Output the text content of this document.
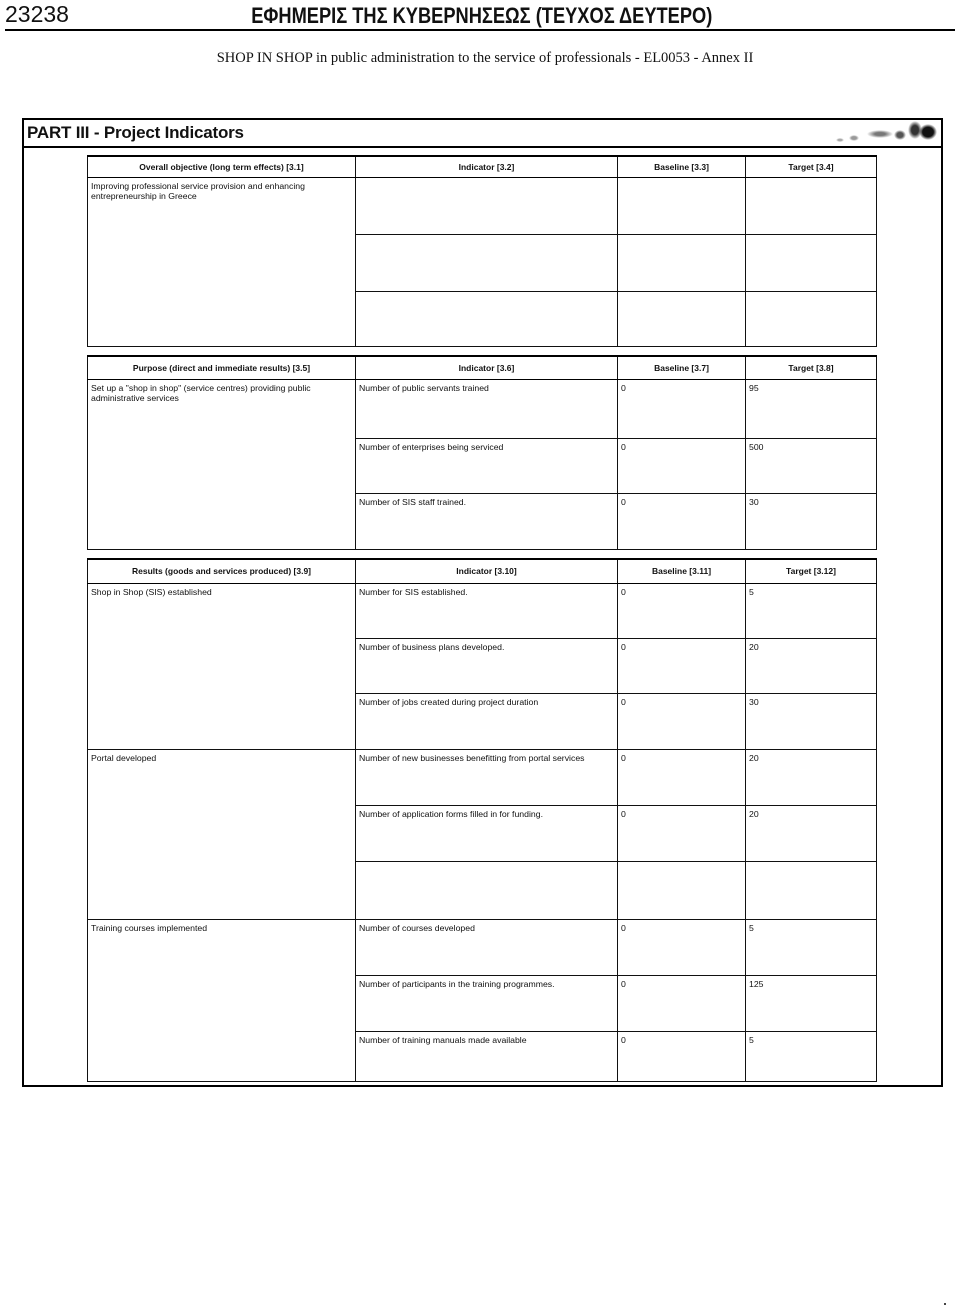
23238	ΕΦΗΜΕΡΙΣ ΤΗΣ ΚΥΒΕΡΝΗΣΕΩΣ (ΤΕΥΧΟΣ ΔΕΥΤΕΡΟ)
SHOP IN SHOP in public administration to the service of professionals - EL0053 - Annex II
PART III - Project Indicators
Overall objective (long term effects) [3.1]	Indicator [3.2]	Baseline [3.3]	Target [3.4]
Improving professional service provision and enhancing entrepreneurship in Greece			

Purpose (direct and immediate results) [3.5]	Indicator [3.6]	Baseline [3.7]	Target [3.8]
Set up a "shop in shop" (service centres) providing public administrative services	Number of public servants trained	0	95
	Number of enterprises being serviced	0	500
	Number of SIS staff trained.	0	30
Results (goods and services produced) [3.9]	Indicator [3.10]	Baseline [3.11]	Target [3.12]
Shop in Shop (SIS) established	Number for SIS established.	0	5
	Number of business plans developed.	0	20
	Number of jobs created during project duration	0	30
Portal developed	Number of new businesses benefitting from portal services	0	20
	Number of application forms filled in for funding.	0	20

Training courses implemented	Number of courses developed	0	5
	Number of participants in the training programmes.	0	125
	Number of training manuals made available	0	5
